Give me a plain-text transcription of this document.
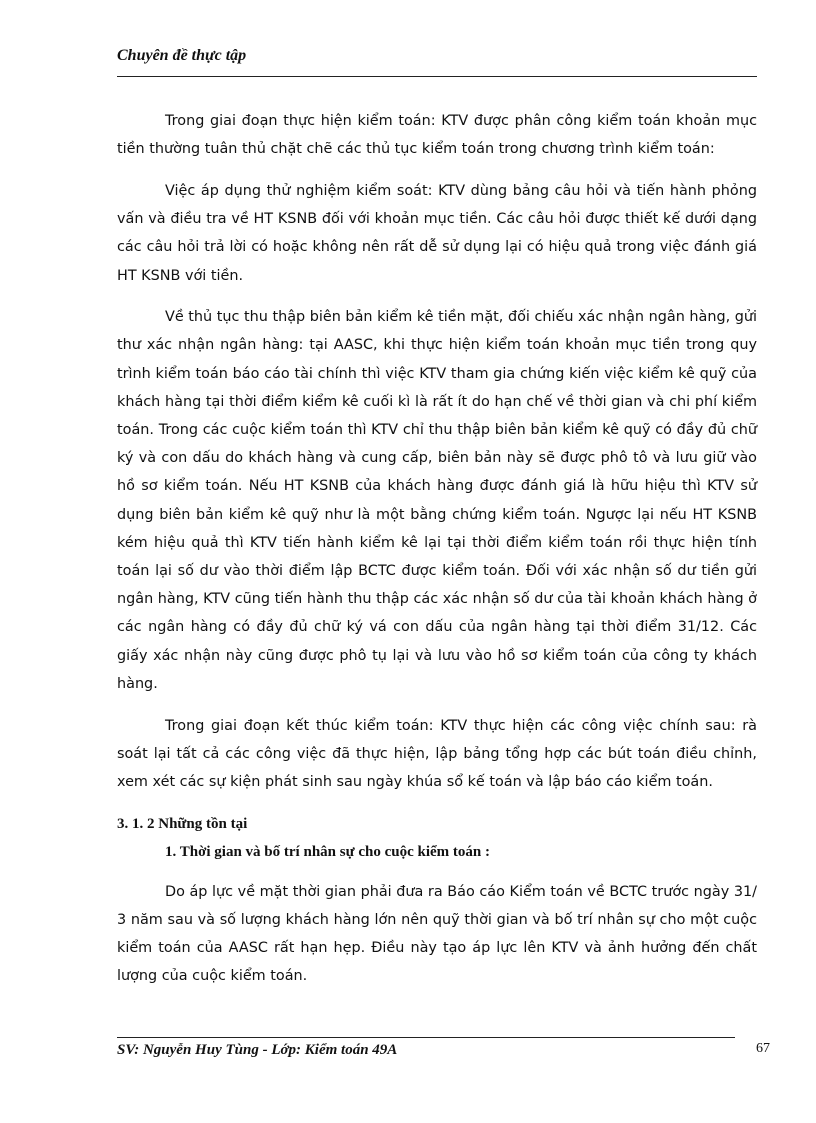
Chuyên đề thực tập

Trong giai đoạn thực hiện kiểm toán: KTV được phân công kiểm toán khoản mục tiền thường tuân thủ chặt chẽ các thủ tục kiểm toán trong chương trình kiểm toán:

Việc áp dụng thử nghiệm kiểm soát: KTV dùng bảng câu hỏi và tiến hành phỏng vấn và điều tra về HT KSNB đối với khoản mục tiền. Các câu hỏi được thiết kế dưới dạng các câu hỏi trả lời có hoặc không nên rất dễ sử dụng lại có hiệu quả trong việc đánh giá HT KSNB với tiền.

Về thủ tục thu thập biên bản kiểm kê tiền mặt, đối chiếu xác nhận ngân hàng, gửi thư xác nhận ngân hàng: tại AASC, khi thực hiện kiểm toán khoản mục tiền trong quy trình kiểm toán báo cáo tài chính thì việc KTV tham gia chứng kiến việc kiểm kê quỹ của khách hàng tại thời điểm kiểm kê cuối kì là rất ít do hạn chế về thời gian và chi phí kiểm toán. Trong các cuộc kiểm toán thì KTV chỉ thu thập biên bản kiểm kê quỹ có đầy đủ chữ ký và con dấu do khách hàng và cung cấp, biên bản này sẽ được phô tô và lưu giữ vào hồ sơ kiểm toán. Nếu HT KSNB của khách hàng được đánh giá là hữu hiệu thì KTV sử dụng biên bản kiểm kê quỹ như là một bằng chứng kiểm toán. Ngược lại nếu HT KSNB kém hiệu quả thì KTV tiến hành kiểm kê lại tại thời điểm kiểm toán rồi thực hiện tính toán lại số dư vào thời điểm lập BCTC được kiểm toán. Đối với xác nhận số dư tiền gửi ngân hàng, KTV cũng tiến hành thu thập các xác nhận số dư của tài khoản khách hàng ở các ngân hàng có đầy đủ chữ ký vá con dấu của ngân hàng tại thời điểm 31/12. Các giấy xác nhận này cũng được phô tụ lại và lưu vào hồ sơ kiểm toán của công ty khách hàng.

Trong giai đoạn kết thúc kiểm toán: KTV thực hiện các công việc chính sau: rà soát lại tất cả các công việc đã thực hiện, lập bảng tổng hợp các bút toán điều chỉnh, xem xét các sự kiện phát sinh sau ngày khúa sổ kế toán và lập báo cáo kiểm toán.

3. 1. 2 Những tồn tại
1. Thời gian và bố trí nhân sự cho cuộc kiểm toán :

Do áp lực về mặt thời gian phải đưa ra Báo cáo Kiểm toán về BCTC trước ngày 31/ 3 năm sau và số lượng khách hàng lớn nên quỹ thời gian và bố trí nhân sự cho một cuộc kiểm toán của AASC rất hạn hẹp. Điều này tạo áp lực lên KTV và ảnh hưởng đến chất lượng của cuộc kiểm toán.

SV: Nguyễn Huy Tùng - Lớp: Kiểm toán 49A	67
